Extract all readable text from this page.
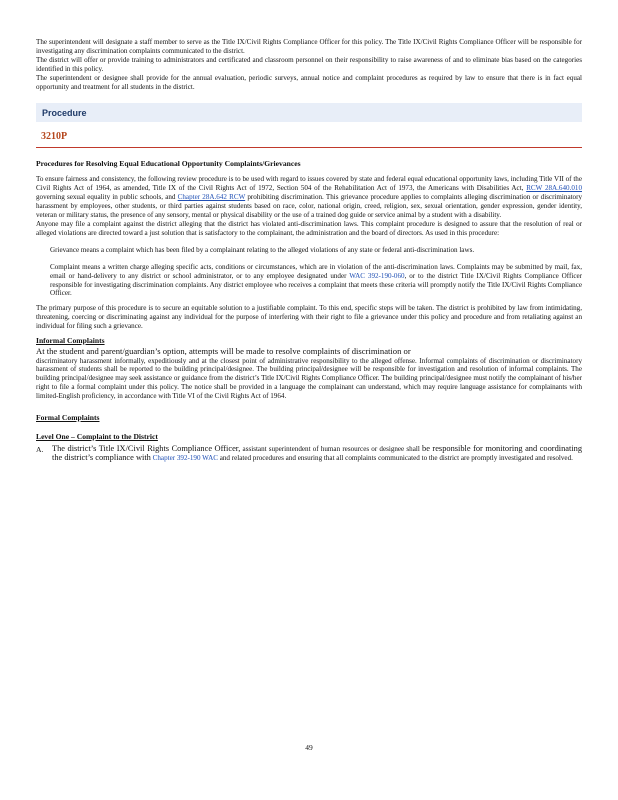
The superintendent will designate a staff member to serve as the Title IX/Civil Rights Compliance Officer for this policy. The Title IX/Civil Rights Compliance Officer will be responsible for investigating any discrimination complaints communicated to the district.

The district will offer or provide training to administrators and certificated and classroom personnel on their responsibility to raise awareness of and to eliminate bias based on the categories identified in this policy.

The superintendent or designee shall provide for the annual evaluation, periodic surveys, annual notice and complaint procedures as required by law to ensure that there is in fact equal opportunity and treatment for all students in the district.

Procedure
3210P
Procedures for Resolving Equal Educational Opportunity Complaints/Grievances

To ensure fairness and consistency, the following review procedure is to be used with regard to issues covered by state and federal equal educational opportunity laws, including Title VII of the Civil Rights Act of 1964, as amended, Title IX of the Civil Rights Act of 1972, Section 504 of the Rehabilitation Act of 1973, the Americans with Disabilities Act, RCW 28A.640.010 governing sexual equality in public schools, and Chapter 28A.642 RCW prohibiting discrimination. This grievance procedure applies to complaints alleging discrimination or discriminatory harassment by employees, other students, or third parties against students based on race, color, national origin, creed, religion, sex, sexual orientation, gender expression, gender identity, veteran or military status, the presence of any sensory, mental or physical disability or the use of a trained dog guide or service animal by a student with a disability.

Anyone may file a complaint against the district alleging that the district has violated anti-discrimination laws. This complaint procedure is designed to assure that the resolution of real or alleged violations are directed toward a just solution that is satisfactory to the complainant, the administration and the board of directors. As used in this procedure:

Grievance means a complaint which has been filed by a complainant relating to the alleged violations of any state or federal anti-discrimination laws.

Complaint means a written charge alleging specific acts, conditions or circumstances, which are in violation of the anti-discrimination laws. Complaints may be submitted by mail, fax, email or hand-delivery to any district or school administrator, or to any employee designated under WAC 392-190-060, or to the district Title IX/Civil Rights Compliance Officer responsible for investigating discrimination complaints. Any district employee who receives a complaint that meets these criteria will promptly notify the Title IX/Civil Rights Compliance Officer.

The primary purpose of this procedure is to secure an equitable solution to a justifiable complaint. To this end, specific steps will be taken. The district is prohibited by law from intimidating, threatening, coercing or discriminating against any individual for the purpose of interfering with their right to file a grievance under this policy and procedure and from retaliating against an individual for filing such a grievance.

Informal Complaints

At the student and parent/guardian’s option, attempts will be made to resolve complaints of discrimination or

discriminatory harassment informally, expeditiously and at the closest point of administrative responsibility to the alleged offense. Informal complaints of discrimination or discriminatory harassment of students shall be reported to the building principal/designee. The building principal/designee will be responsible for investigation and resolution of informal complaints. The building principal/designee may seek assistance or guidance from the district’s Title IX/Civil Rights Compliance Officer. The building principal/designee must notify the complainant of his/her right to file a formal complaint under this policy. The notice shall be provided in a language the complainant can understand, which may require language assistance for complainants with limited-English proficiency, in accordance with Title VI of the Civil Rights Act of 1964.

Formal Complaints
Level One – Complaint to the District
A.	The district’s Title IX/Civil Rights Compliance Officer, assistant superintendent of human resources or designee shall be responsible for monitoring and coordinating the district’s compliance with Chapter 392-190 WAC and related procedures and ensuring that all complaints communicated to the district are promptly investigated and resolved.

49
